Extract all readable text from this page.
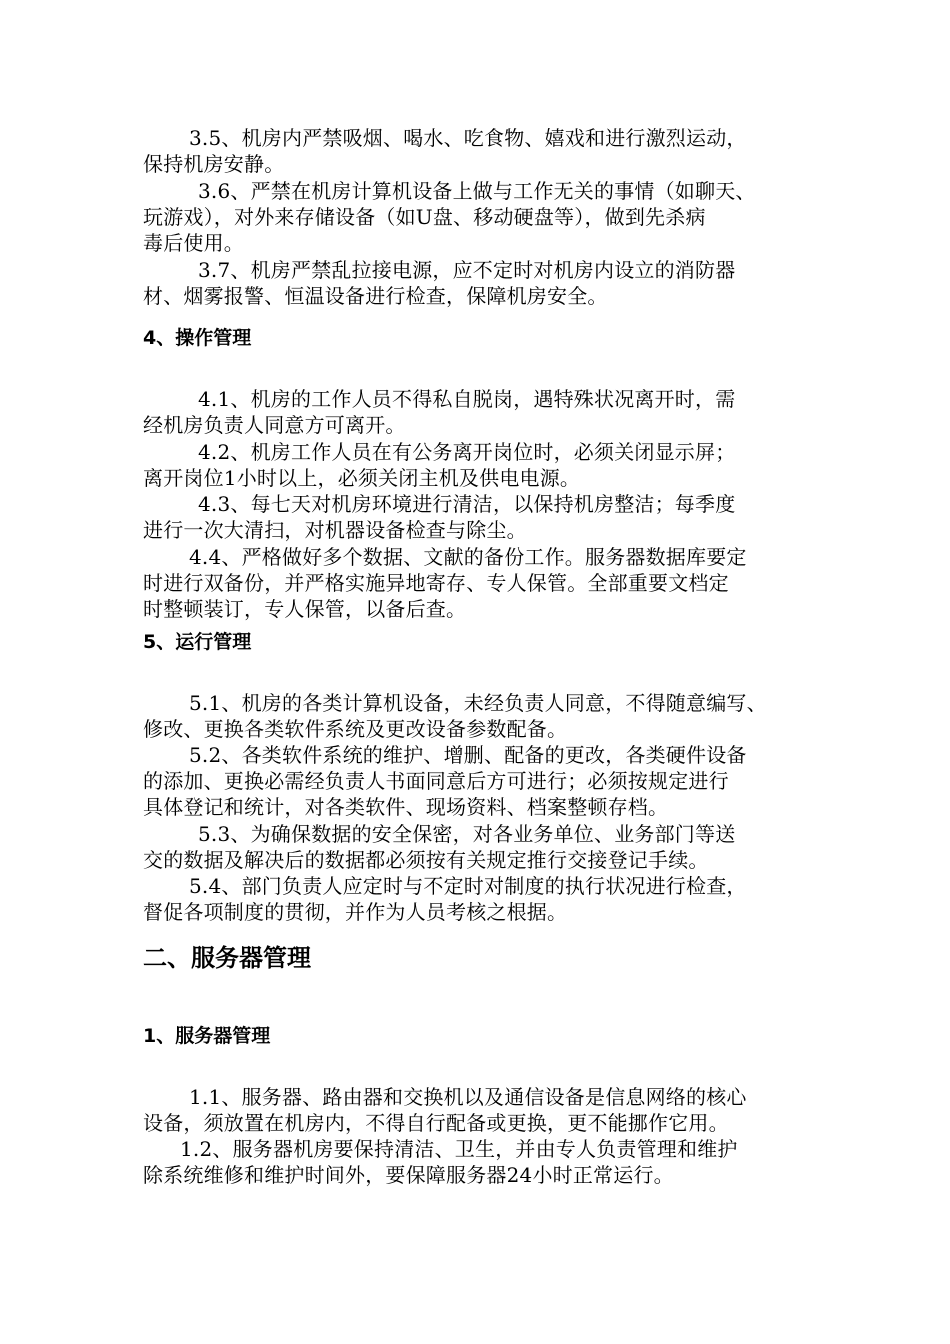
3.5、机房内严禁吸烟、喝水、吃食物、嬉戏和进行激烈运动，
保持机房安静。
3.6、严禁在机房计算机设备上做与工作无关的事情（如聊天、
玩游戏），对外来存储设备（如U盘、移动硬盘等），做到先杀病
毒后使用。
3.7、机房严禁乱拉接电源，应不定时对机房内设立的消防器
材、烟雾报警、恒温设备进行检查，保障机房安全。
4、操作管理
4.1、机房的工作人员不得私自脱岗，遇特殊状况离开时，需
经机房负责人同意方可离开。
4.2、机房工作人员在有公务离开岗位时，必须关闭显示屏；
离开岗位1小时以上，必须关闭主机及供电电源。
4.3、每七天对机房环境进行清洁，以保持机房整洁；每季度
进行一次大清扫，对机器设备检查与除尘。
4.4、严格做好多个数据、文献的备份工作。服务器数据库要定
时进行双备份，并严格实施异地寄存、专人保管。全部重要文档定
时整顿装订，专人保管，以备后查。
5、运行管理
5.1、机房的各类计算机设备，未经负责人同意，不得随意编写、
修改、更换各类软件系统及更改设备参数配备。
5.2、各类软件系统的维护、增删、配备的更改，各类硬件设备
的添加、更换必需经负责人书面同意后方可进行；必须按规定进行
具体登记和统计，对各类软件、现场资料、档案整顿存档。
5.3、为确保数据的安全保密，对各业务单位、业务部门等送
交的数据及解决后的数据都必须按有关规定推行交接登记手续。
5.4、部门负责人应定时与不定时对制度的执行状况进行检查，
督促各项制度的贯彻，并作为人员考核之根据。
二、服务器管理
1、服务器管理
1.1、服务器、路由器和交换机以及通信设备是信息网络的核心
设备，须放置在机房内，不得自行配备或更换，更不能挪作它用。
1.2、服务器机房要保持清洁、卫生，并由专人负责管理和维护
除系统维修和维护时间外，要保障服务器24小时正常运行。
